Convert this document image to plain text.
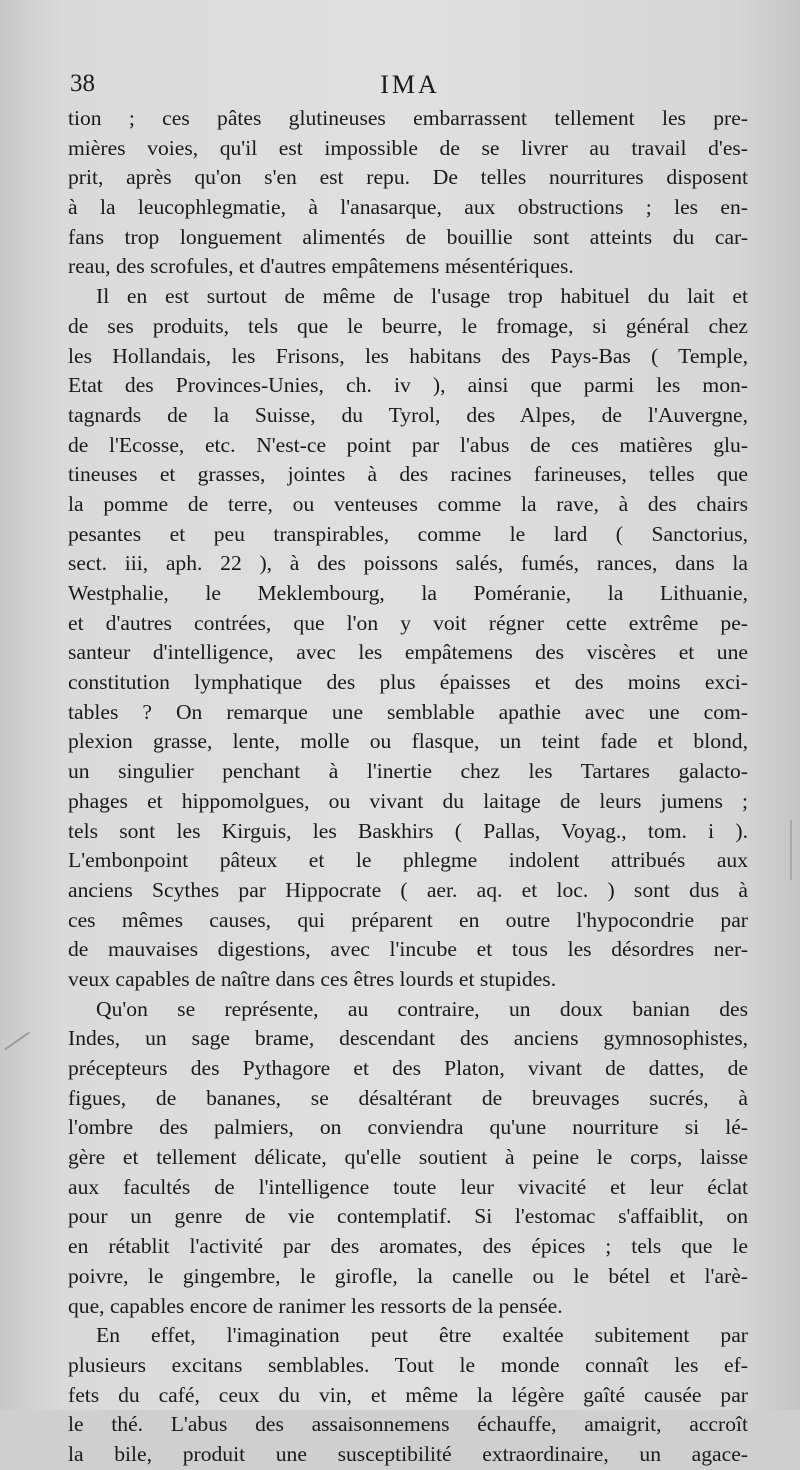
38	IMA
tion ; ces pâtes glutineuses embarrassent tellement les pre-
mières voies, qu'il est impossible de se livrer au travail d'es-
prit, après qu'on s'en est repu. De telles nourritures disposent
à la leucophlegmatie, à l'anasarque, aux obstructions ; les en-
fans trop longuement alimentés de bouillie sont atteints du car-
reau, des scrofules, et d'autres empâtemens mésentériques.
Il en est surtout de même de l'usage trop habituel du lait et
de ses produits, tels que le beurre, le fromage, si général chez
les Hollandais, les Frisons, les habitans des Pays-Bas ( Temple,
Etat des Provinces-Unies, ch. iv ), ainsi que parmi les mon-
tagnards de la Suisse, du Tyrol, des Alpes, de l'Auvergne,
de l'Ecosse, etc. N'est-ce point par l'abus de ces matières glu-
tineuses et grasses, jointes à des racines farineuses, telles que
la pomme de terre, ou venteuses comme la rave, à des chairs
pesantes et peu transpirables, comme le lard ( Sanctorius,
sect. iii, aph. 22 ), à des poissons salés, fumés, rances, dans la
Westphalie, le Meklembourg, la Poméranie, la Lithuanie,
et d'autres contrées, que l'on y voit régner cette extrême pe-
santeur d'intelligence, avec les empâtemens des viscères et une
constitution lymphatique des plus épaisses et des moins exci-
tables ? On remarque une semblable apathie avec une com-
plexion grasse, lente, molle ou flasque, un teint fade et blond,
un singulier penchant à l'inertie chez les Tartares galacto-
phages et hippomolgues, ou vivant du laitage de leurs jumens ;
tels sont les Kirguis, les Baskhirs ( Pallas, Voyag., tom. i ).
L'embonpoint pâteux et le phlegme indolent attribués aux
anciens Scythes par Hippocrate ( aer. aq. et loc. ) sont dus à
ces mêmes causes, qui préparent en outre l'hypocondrie par
de mauvaises digestions, avec l'incube et tous les désordres ner-
veux capables de naître dans ces êtres lourds et stupides.
Qu'on se représente, au contraire, un doux banian des
Indes, un sage brame, descendant des anciens gymnosophistes,
précepteurs des Pythagore et des Platon, vivant de dattes, de
figues, de bananes, se désaltérant de breuvages sucrés, à
l'ombre des palmiers, on conviendra qu'une nourriture si lé-
gère et tellement délicate, qu'elle soutient à peine le corps, laisse
aux facultés de l'intelligence toute leur vivacité et leur éclat
pour un genre de vie contemplatif. Si l'estomac s'affaiblit, on
en rétablit l'activité par des aromates, des épices ; tels que le
poivre, le gingembre, le girofle, la canelle ou le bétel et l'arè-
que, capables encore de ranimer les ressorts de la pensée.
En effet, l'imagination peut être exaltée subitement par
plusieurs excitans semblables. Tout le monde connaît les ef-
fets du café, ceux du vin, et même la légère gaîté causée par
le thé. L'abus des assaisonnemens échauffe, amaigrit, accroît
la bile, produit une susceptibilité extraordinaire, un agace-
